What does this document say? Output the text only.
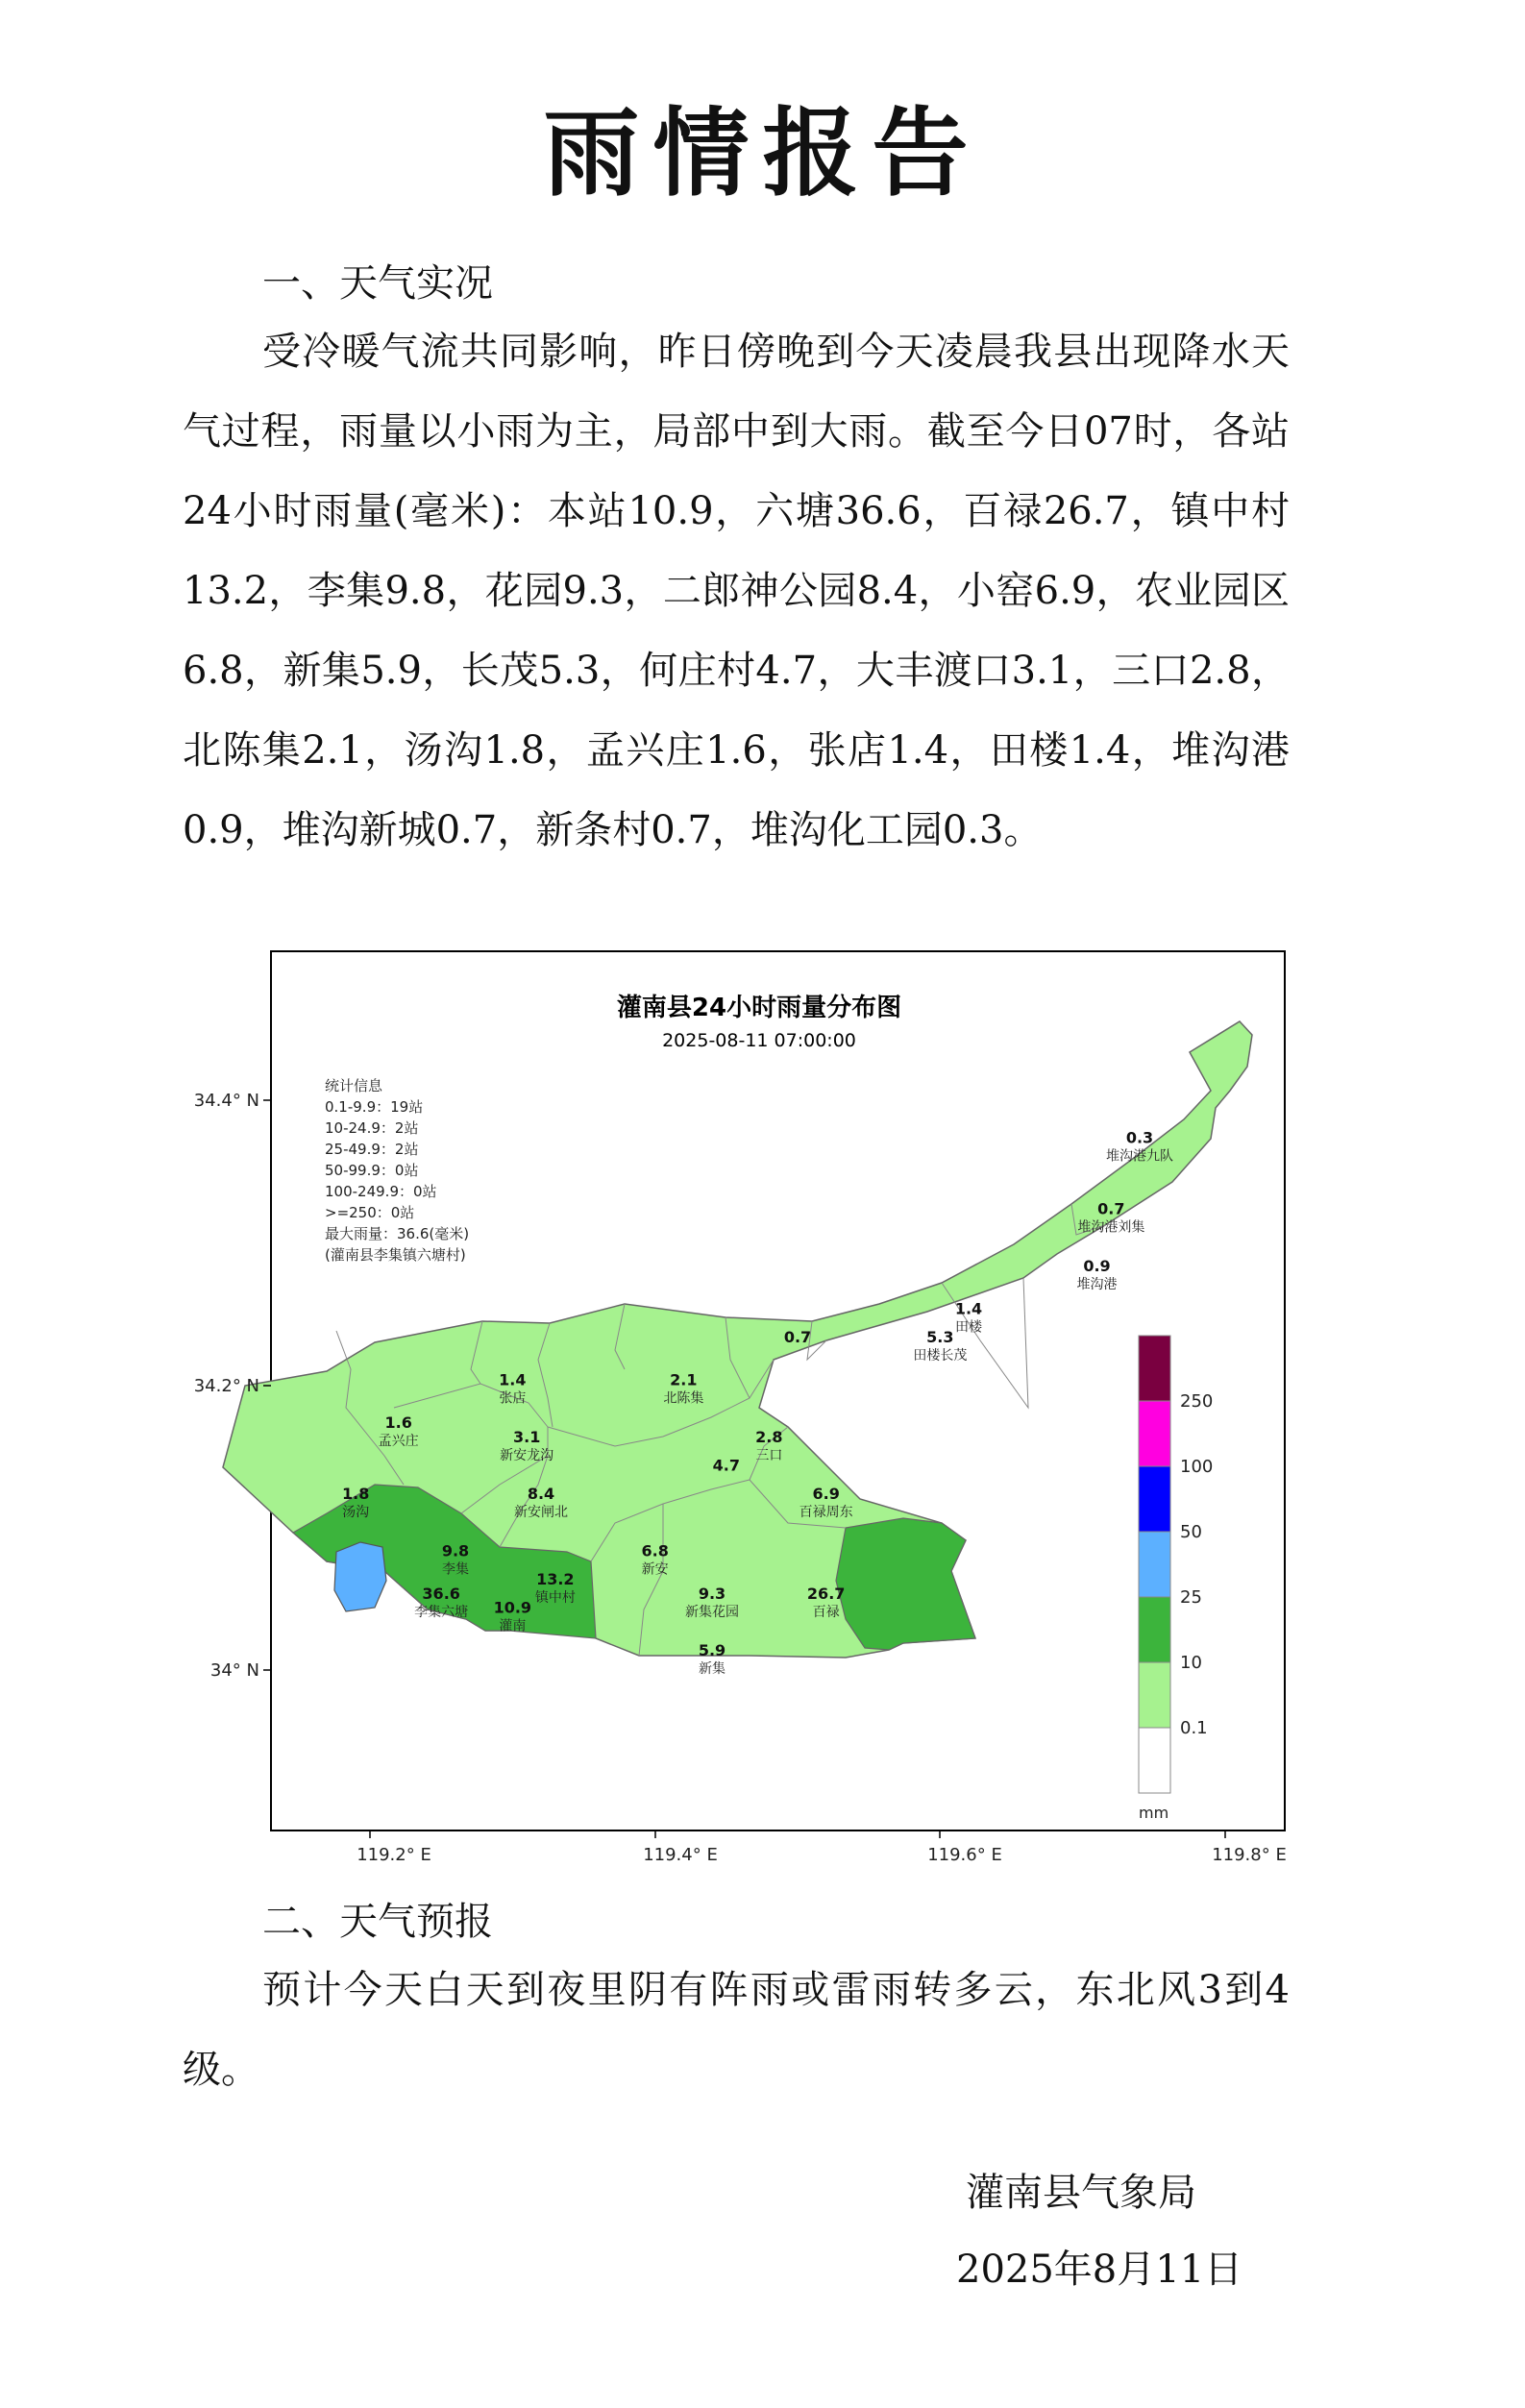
雨情报告

一、天气实况

受冷暖气流共同影响，昨日傍晚到今天凌晨我县出现降水天气过程，雨量以小雨为主，局部中到大雨。截至今日07时，各站24小时雨量(毫米)：本站10.9，六塘36.6，百禄26.7，镇中村13.2，李集9.8，花园9.3，二郎神公园8.4，小窑6.9，农业园区6.8，新集5.9，长茂5.3，何庄村4.7，大丰渡口3.1，三口2.8，北陈集2.1，汤沟1.8，孟兴庄1.6，张店1.4，田楼1.4，堆沟港0.9，堆沟新城0.7，新条村0.7，堆沟化工园0.3。

灌南县24小时雨量分布图
2025-08-11 07:00:00
统计信息
0.1-9.9：19站
10-24.9：2站
25-49.9：2站
50-99.9：0站
100-249.9：0站
>=250：0站
最大雨量：36.6(毫米)
(灌南县李集镇六塘村)
34.4° N
34.2° N
34° N
119.2° E	119.4° E	119.6° E	119.8° E
0.3
堆沟港九队
0.7
堆沟港刘集
0.9
堆沟港
1.4
田楼
5.3
田楼长茂
0.7
2.1
北陈集
1.4
张店
1.6
孟兴庄	3.1
新安龙沟
8.4
新安闸北
1.8
汤沟
2.8
三口
4.7
6.9
百禄周东
6.8
新安
9.8
李集
36.6
李集六塘
13.2
镇中村
10.9
灌南
9.3
新集花园
26.7
百禄
5.9
新集
250
100
50
25
10
0.1
mm

二、天气预报

预计今天白天到夜里阴有阵雨或雷雨转多云，东北风3到4级。

灌南县气象局

2025年8月11日
